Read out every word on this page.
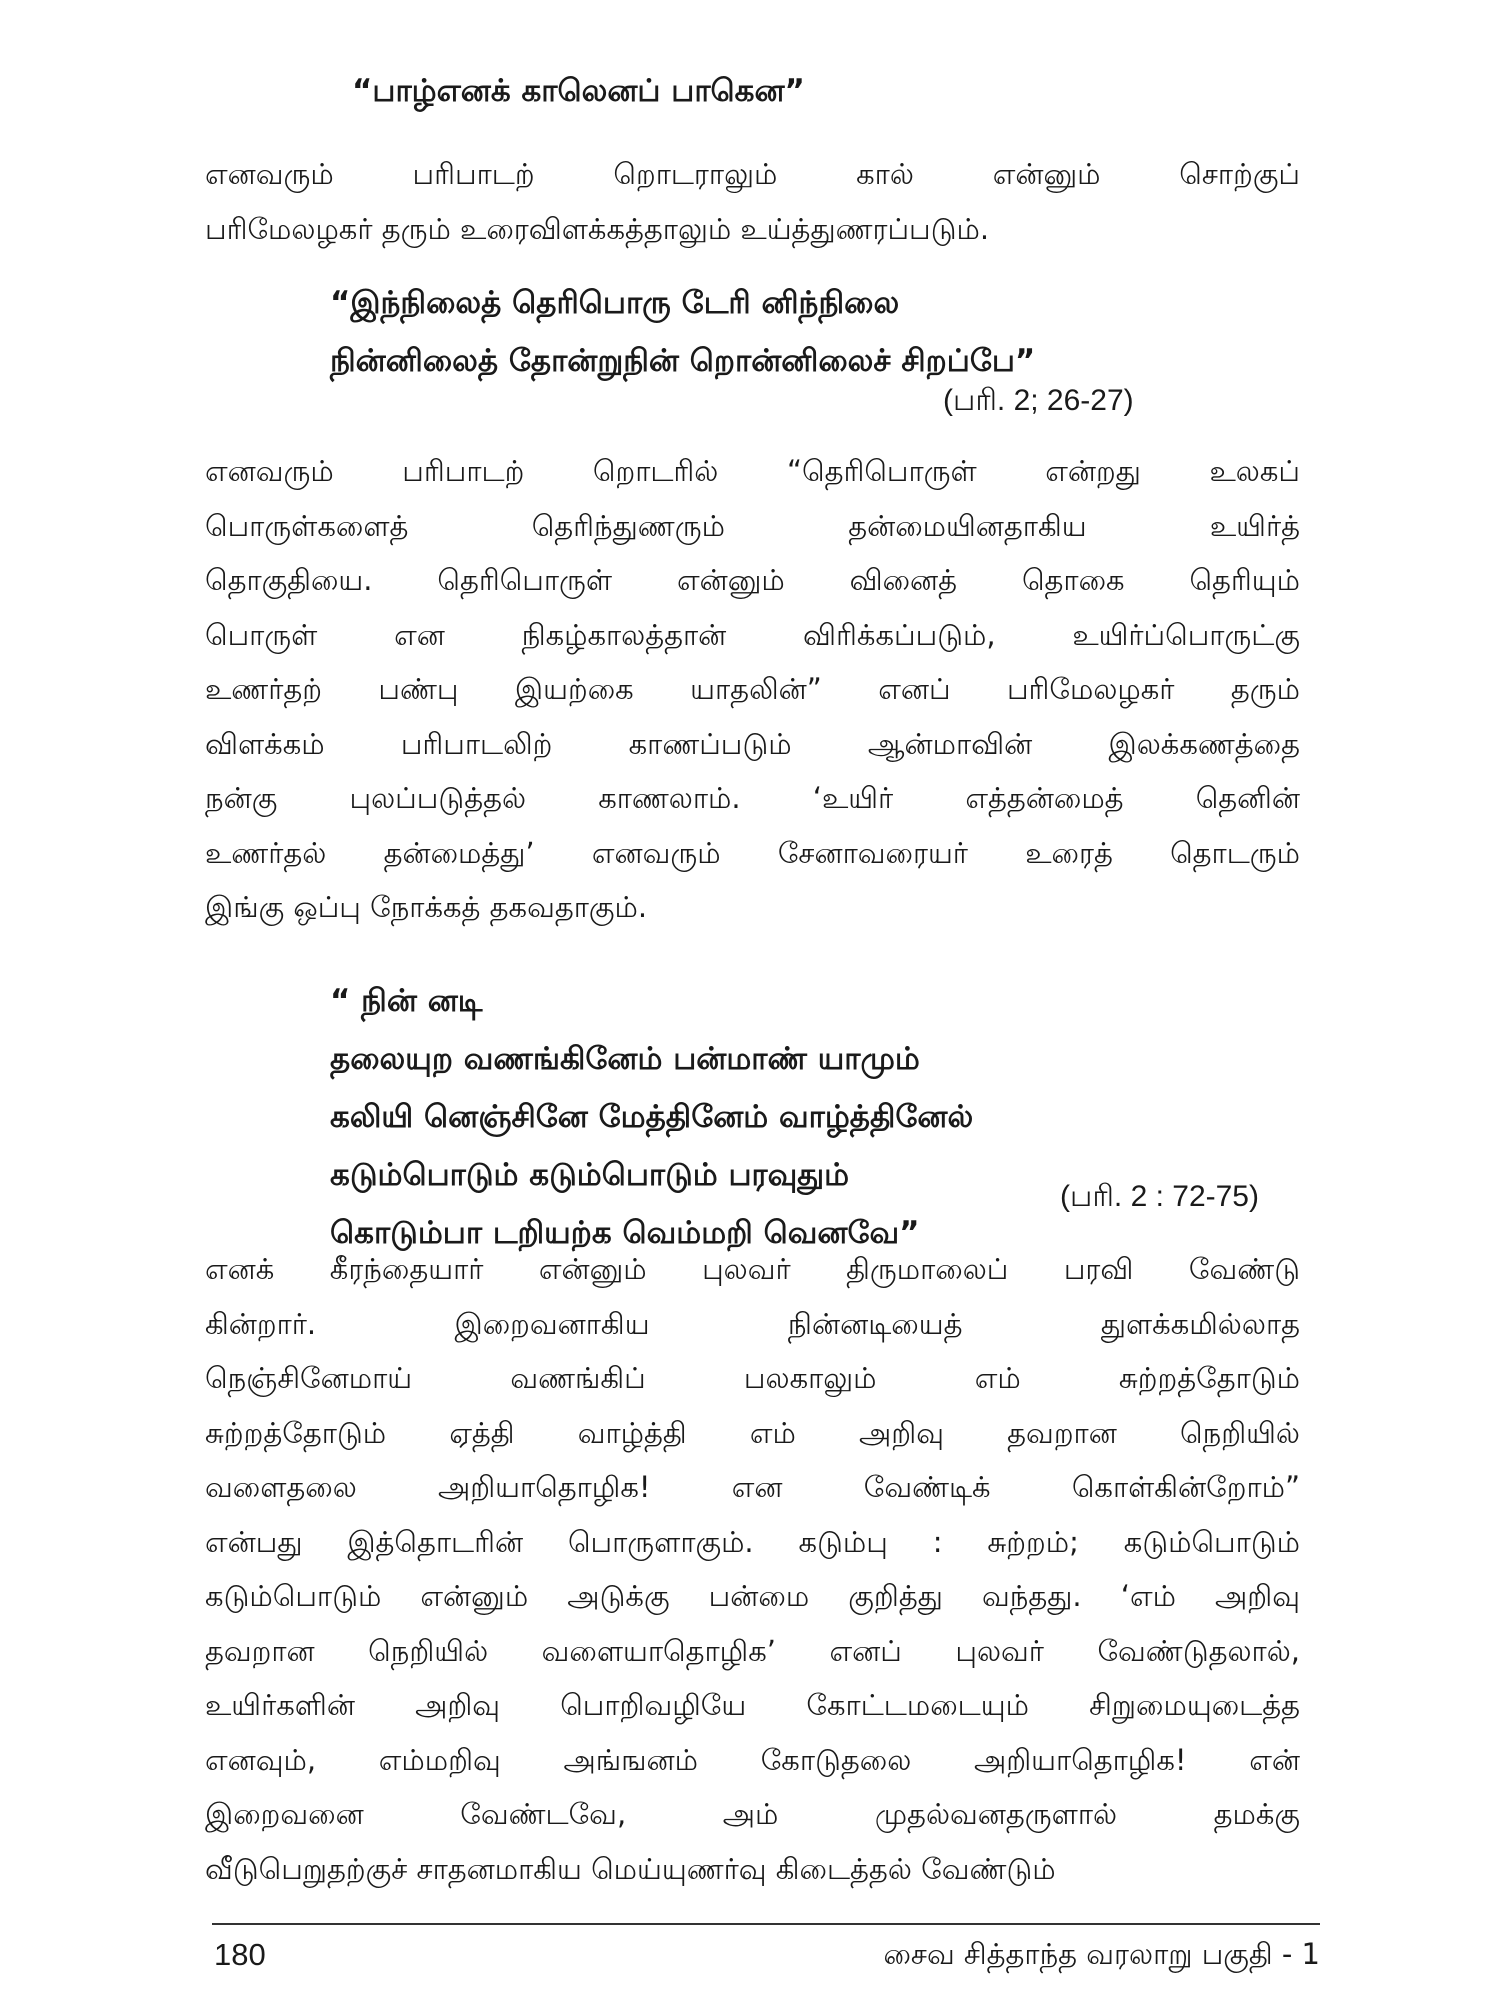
“பாழ்எனக் காலெனப் பாகென”
எனவரும் பரிபாடற் றொடராலும் கால் என்னும் சொற்குப்
பரிமேலழகர் தரும் உரைவிளக்கத்தாலும் உய்த்துணரப்படும்.
“இந்நிலைத் தெரிபொரு டேரி னிந்நிலை
நின்னிலைத் தோன்றுநின் றொன்னிலைச் சிறப்பே”
(பரி. 2; 26-27)
எனவரும் பரிபாடற் றொடரில் “தெரிபொருள் என்றது உலகப்
பொருள்களைத் தெரிந்துணரும் தன்மையினதாகிய உயிர்த்
தொகுதியை. தெரிபொருள் என்னும் வினைத் தொகை தெரியும்
பொருள் என நிகழ்காலத்தான் விரிக்கப்படும், உயிர்ப்பொருட்கு
உணர்தற் பண்பு இயற்கை யாதலின்” எனப் பரிமேலழகர் தரும்
விளக்கம் பரிபாடலிற் காணப்படும் ஆன்மாவின் இலக்கணத்தை
நன்கு புலப்படுத்தல் காணலாம். ‘உயிர் எத்தன்மைத் தெனின்
உணர்தல் தன்மைத்து’ எனவரும் சேனாவரையர் உரைத் தொடரும்
இங்கு ஒப்பு நோக்கத் தகவதாகும்.
“ நின் னடி
தலையுற வணங்கினேம் பன்மாண் யாமும்
கலியி னெஞ்சினே மேத்தினேம் வாழ்த்தினேல்
கடும்பொடும் கடும்பொடும் பரவுதும்
கொடும்பா டறியற்க வெம்மறி வெனவே”
(பரி. 2 : 72-75)
எனக் கீரந்தையார் என்னும் புலவர் திருமாலைப் பரவி வேண்டு
கின்றார். இறைவனாகிய நின்னடியைத் துளக்கமில்லாத
நெஞ்சினேமாய் வணங்கிப் பலகாலும் எம் சுற்றத்தோடும்
சுற்றத்தோடும் ஏத்தி வாழ்த்தி எம் அறிவு தவறான நெறியில்
வளைதலை அறியாதொழிக! என வேண்டிக் கொள்கின்றோம்”
என்பது இத்தொடரின் பொருளாகும். கடும்பு : சுற்றம்; கடும்பொடும்
கடும்பொடும் என்னும் அடுக்கு பன்மை குறித்து வந்தது. ‘எம் அறிவு
தவறான நெறியில் வளையாதொழிக’ எனப் புலவர் வேண்டுதலால்,
உயிர்களின் அறிவு பொறிவழியே கோட்டமடையும் சிறுமையுடைத்த
எனவும், எம்மறிவு அங்ஙனம் கோடுதலை அறியாதொழிக! என்
இறைவனை வேண்டவே, அம் முதல்வனதருளால் தமக்கு
வீடுபெறுதற்குச் சாதனமாகிய மெய்யுணர்வு கிடைத்தல் வேண்டும்
180	சைவ சித்தாந்த வரலாறு பகுதி - 1
